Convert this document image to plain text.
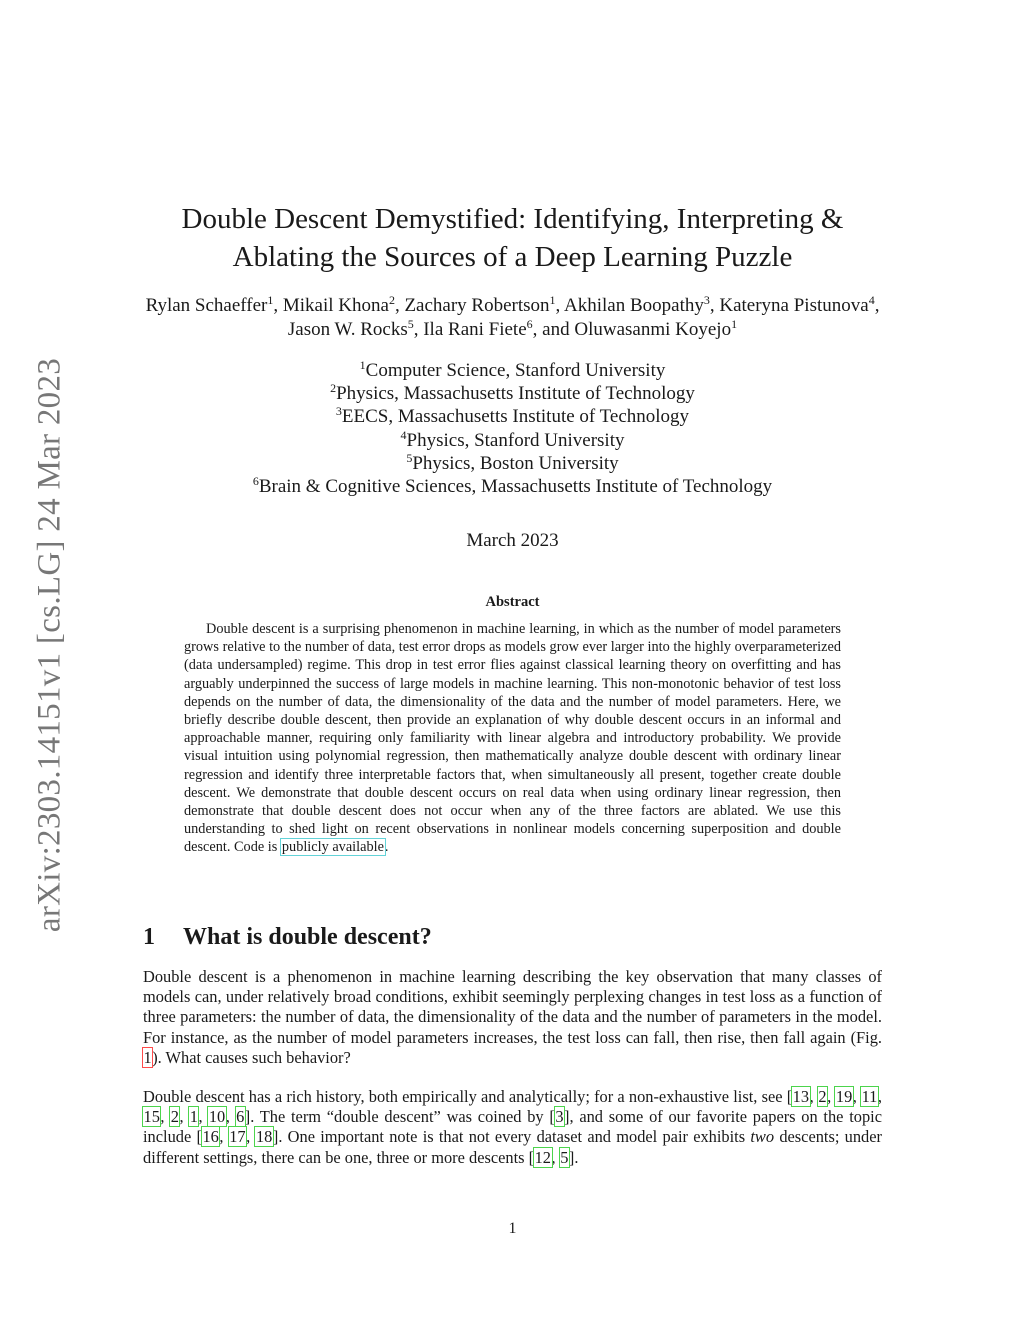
arXiv:2303.14151v1 [cs.LG] 24 Mar 2023
Double Descent Demystified: Identifying, Interpreting &
Ablating the Sources of a Deep Learning Puzzle
Rylan Schaeffer$^1$, Mikail Khona$^2$, Zachary Robertson$^1$, Akhilan Boopathy$^3$, Kateryna Pistunova$^4$, Jason W. Rocks$^5$, Ila Rani Fiete$^6$, and Oluwasanmi Koyejo$^1$
$^1$Computer Science, Stanford University
$^2$Physics, Massachusetts Institute of Technology
$^3$EECS, Massachusetts Institute of Technology
$^4$Physics, Stanford University
$^5$Physics, Boston University
$^6$Brain & Cognitive Sciences, Massachusetts Institute of Technology
March 2023
Abstract

Double descent is a surprising phenomenon in machine learning, in which as the number of model parameters grows relative to the number of data, test error drops as models grow ever larger into the highly overparameterized (data undersampled) regime. This drop in test error flies against classical learning theory on overfitting and has arguably underpinned the success of large models in machine learning. This non-monotonic behavior of test loss depends on the number of data, the dimensionality of the data and the number of model parameters. Here, we briefly describe double descent, then provide an explanation of why double descent occurs in an informal and approachable manner, requiring only familiarity with linear algebra and introductory probability. We provide visual intuition using polynomial regression, then mathematically analyze double descent with ordinary linear regression and identify three interpretable factors that, when simultaneously all present, together create double descent. We demonstrate that double descent occurs on real data when using ordinary linear regression, then demonstrate that double descent does not occur when any of the three factors are ablated. We use this understanding to shed light on recent observations in nonlinear models concerning superposition and double descent. Code is publicly available.

1 What is double descent?

Double descent is a phenomenon in machine learning describing the key observation that many classes of models can, under relatively broad conditions, exhibit seemingly perplexing changes in test loss as a function of three parameters: the number of data, the dimensionality of the data and the number of parameters in the model. For instance, as the number of model parameters increases, the test loss can fall, then rise, then fall again (Fig. 1). What causes such behavior?

Double descent has a rich history, both empirically and analytically; for a non-exhaustive list, see [13, 2, 19, 11, 15, 2, 1, 10, 6]. The term “double descent” was coined by [3], and some of our favorite papers on the topic include [16, 17, 18]. One important note is that not every dataset and model pair exhibits two descents; under different settings, there can be one, three or more descents [12, 5].

1
